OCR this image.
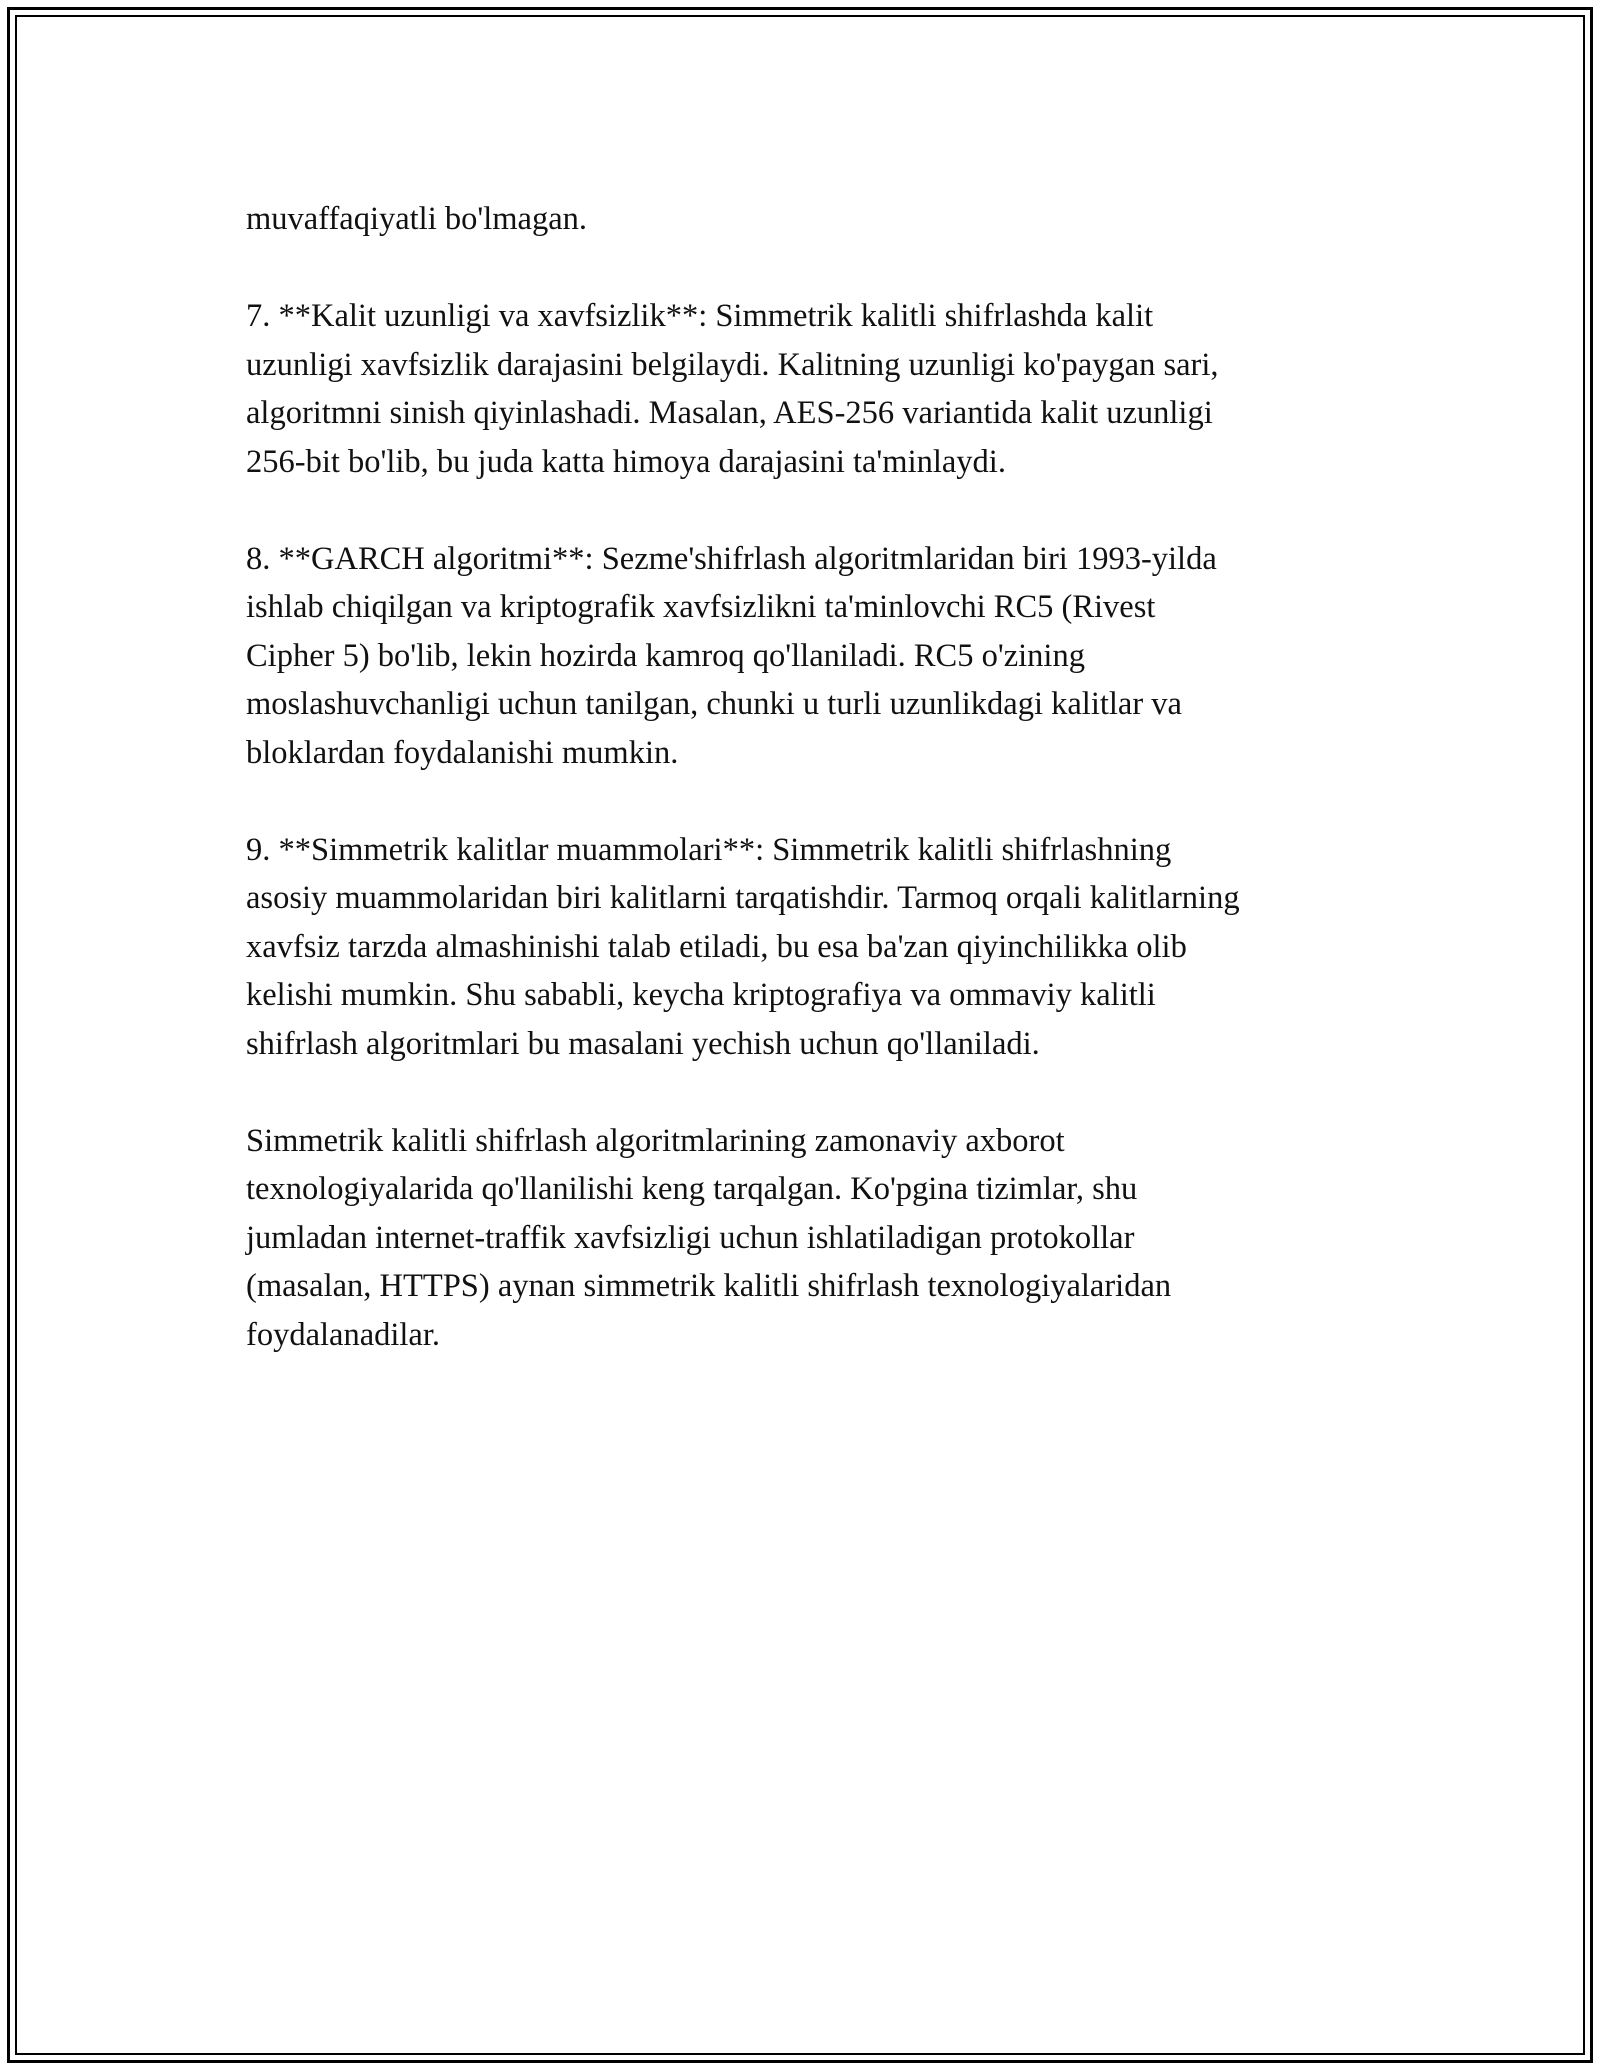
muvaffaqiyatli bo'lmagan.

7. **Kalit uzunligi va xavfsizlik**: Simmetrik kalitli shifrlashda kalit
uzunligi xavfsizlik darajasini belgilaydi. Kalitning uzunligi ko'paygan sari,
algoritmni sinish qiyinlashadi. Masalan, AES-256 variantida kalit uzunligi
256-bit bo'lib, bu juda katta himoya darajasini ta'minlaydi.

8. **GARCH algoritmi**: Sezme'shifrlash algoritmlaridan biri 1993-yilda
ishlab chiqilgan va kriptografik xavfsizlikni ta'minlovchi RC5 (Rivest
Cipher 5) bo'lib, lekin hozirda kamroq qo'llaniladi. RC5 o'zining
moslashuvchanligi uchun tanilgan, chunki u turli uzunlikdagi kalitlar va
bloklardan foydalanishi mumkin.

9. **Simmetrik kalitlar muammolari**: Simmetrik kalitli shifrlashning
asosiy muammolaridan biri kalitlarni tarqatishdir. Tarmoq orqali kalitlarning
xavfsiz tarzda almashinishi talab etiladi, bu esa ba'zan qiyinchilikka olib
kelishi mumkin. Shu sababli, keycha kriptografiya va ommaviy kalitli
shifrlash algoritmlari bu masalani yechish uchun qo'llaniladi.

Simmetrik kalitli shifrlash algoritmlarining zamonaviy axborot
texnologiyalarida qo'llanilishi keng tarqalgan. Ko'pgina tizimlar, shu
jumladan internet-traffik xavfsizligi uchun ishlatiladigan protokollar
(masalan, HTTPS) aynan simmetrik kalitli shifrlash texnologiyalaridan
foydalanadilar.
